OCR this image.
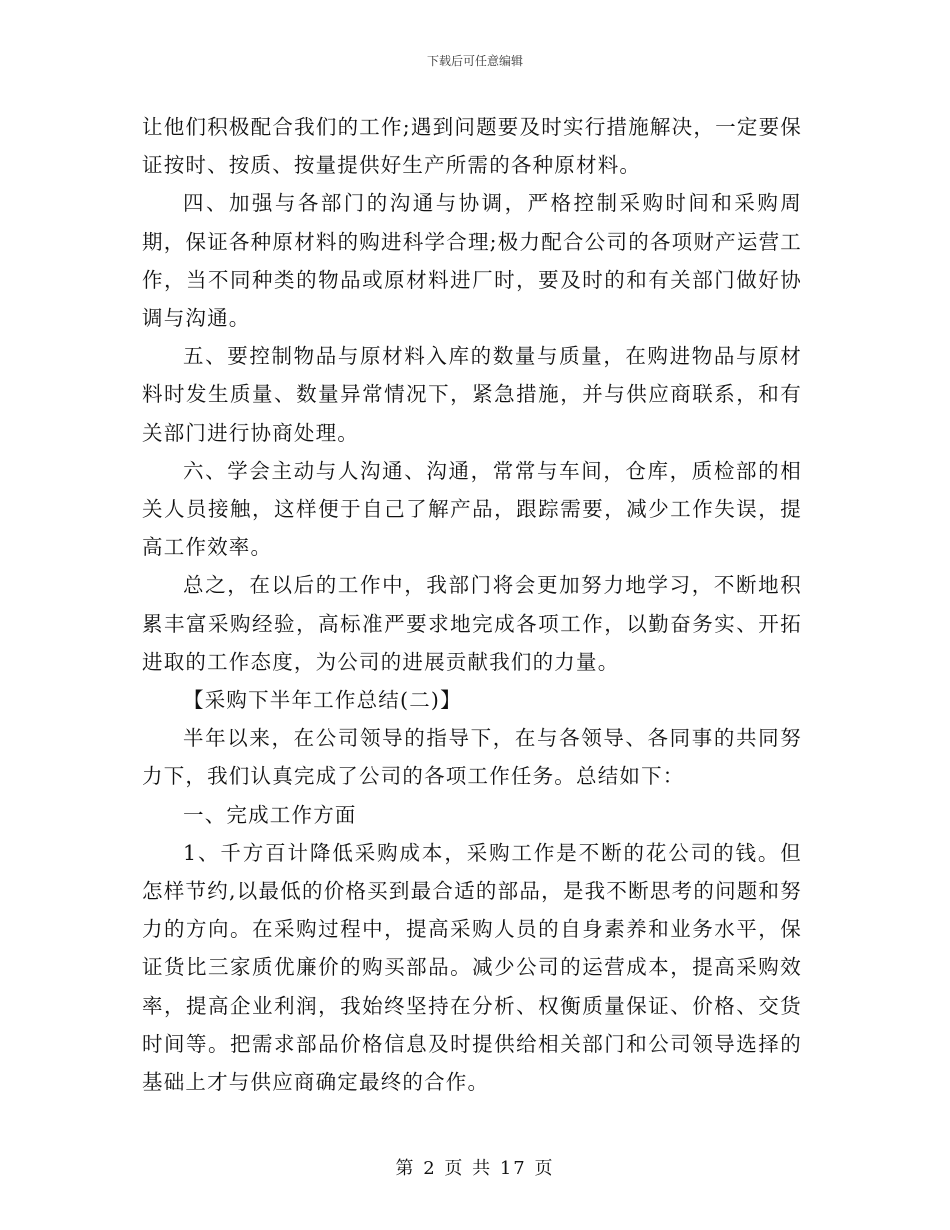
下载后可任意编辑

让他们积极配合我们的工作;遇到问题要及时实行措施解决，一定要保证按时、按质、按量提供好生产所需的各种原材料。

四、加强与各部门的沟通与协调，严格控制采购时间和采购周期，保证各种原材料的购进科学合理;极力配合公司的各项财产运营工作，当不同种类的物品或原材料进厂时，要及时的和有关部门做好协调与沟通。

五、要控制物品与原材料入库的数量与质量，在购进物品与原材料时发生质量、数量异常情况下，紧急措施，并与供应商联系，和有关部门进行协商处理。

六、学会主动与人沟通、沟通，常常与车间，仓库，质检部的相关人员接触，这样便于自己了解产品，跟踪需要，减少工作失误，提高工作效率。

总之，在以后的工作中，我部门将会更加努力地学习，不断地积累丰富采购经验，高标准严要求地完成各项工作，以勤奋务实、开拓进取的工作态度，为公司的进展贡献我们的力量。

【采购下半年工作总结(二)】

半年以来，在公司领导的指导下，在与各领导、各同事的共同努力下，我们认真完成了公司的各项工作任务。总结如下：

一、完成工作方面

1、千方百计降低采购成本，采购工作是不断的花公司的钱。但怎样节约,以最低的价格买到最合适的部品，是我不断思考的问题和努力的方向。在采购过程中，提高采购人员的自身素养和业务水平，保证货比三家质优廉价的购买部品。减少公司的运营成本，提高采购效率，提高企业利润，我始终坚持在分析、权衡质量保证、价格、交货时间等。把需求部品价格信息及时提供给相关部门和公司领导选择的基础上才与供应商确定最终的合作。

第 2 页 共 17 页
